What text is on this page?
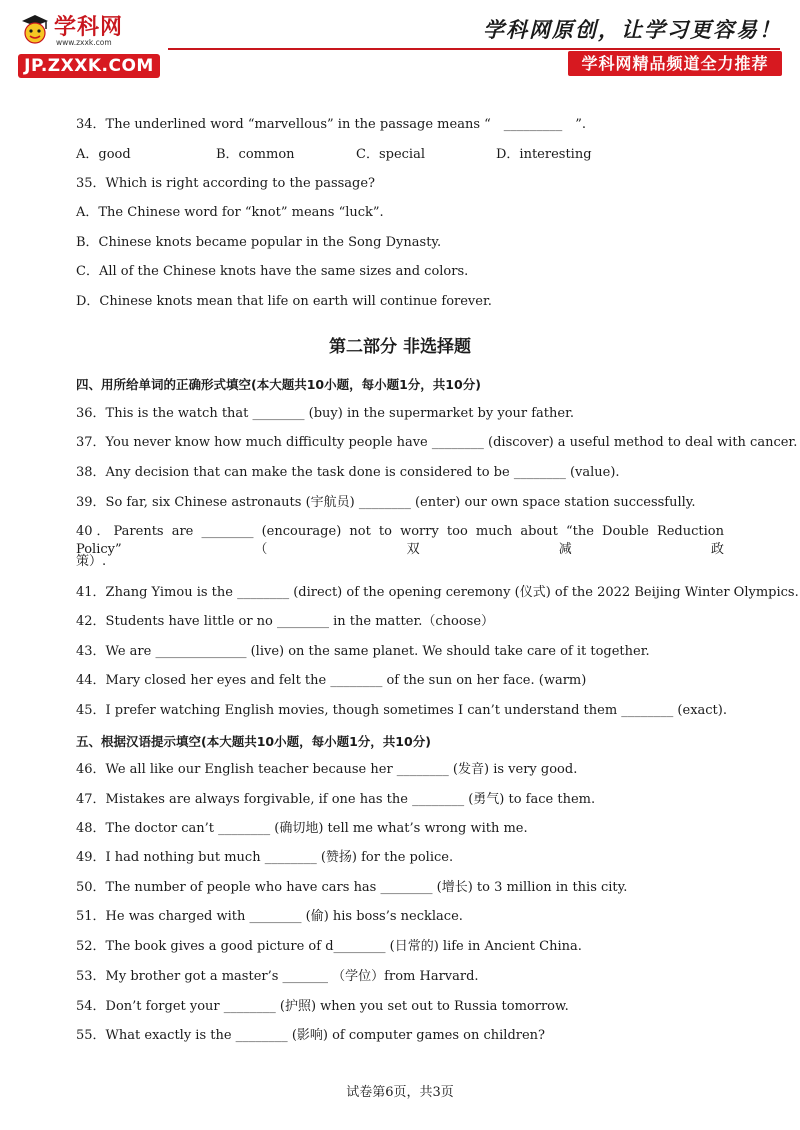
学科网
www.zxxk.com
JP.ZXXK.COM
学科网原创，让学习更容易！
学科网精品频道全力推荐
34．The underlined word “marvellous” in the passage means “　_________　”.
A．good	B．common	C．special	D．interesting
35．Which is right according to the passage?
A．The Chinese word for “knot” means “luck”.
B．Chinese knots became popular in the Song Dynasty.
C．All of the Chinese knots have the same sizes and colors.
D．Chinese knots mean that life on earth will continue forever.
第二部分 非选择题
四、用所给单词的正确形式填空(本大题共10小题，每小题1分，共10分)
36．This is the watch that ________ (buy) in the supermarket by your father.
37．You never know how much difficulty people have ________ (discover) a useful method to deal with cancer.
38．Any decision that can make the task done is considered to be ________ (value).
39．So far, six Chinese astronauts (宇航员) ________ (enter) our own space station successfully.
40．Parents are ________ (encourage) not to worry too much about “the Double Reduction Policy”（双减政
策）.
41．Zhang Yimou is the ________ (direct) of the opening ceremony (仪式) of the 2022 Beijing Winter Olympics.
42．Students have little or no ________ in the matter.（choose）
43．We are ______________ (live) on the same planet. We should take care of it together.
44．Mary closed her eyes and felt the ________ of the sun on her face. (warm)
45．I prefer watching English movies, though sometimes I can’t understand them ________ (exact).
五、根据汉语提示填空(本大题共10小题，每小题1分，共10分)
46．We all like our English teacher because her ________ (发音) is very good.
47．Mistakes are always forgivable, if one has the ________ (勇气) to face them.
48．The doctor can’t ________ (确切地) tell me what’s wrong with me.
49．I had nothing but much ________ (赞扬) for the police.
50．The number of people who have cars has ________ (增长) to 3 million in this city.
51．He was charged with ________ (偷) his boss’s necklace.
52．The book gives a good picture of d________ (日常的) life in Ancient China.
53．My brother got a master’s _______ （学位）from Harvard.
54．Don’t forget your ________ (护照) when you set out to Russia tomorrow.
55．What exactly is the ________ (影响) of computer games on children?
试卷第6页，共3页
